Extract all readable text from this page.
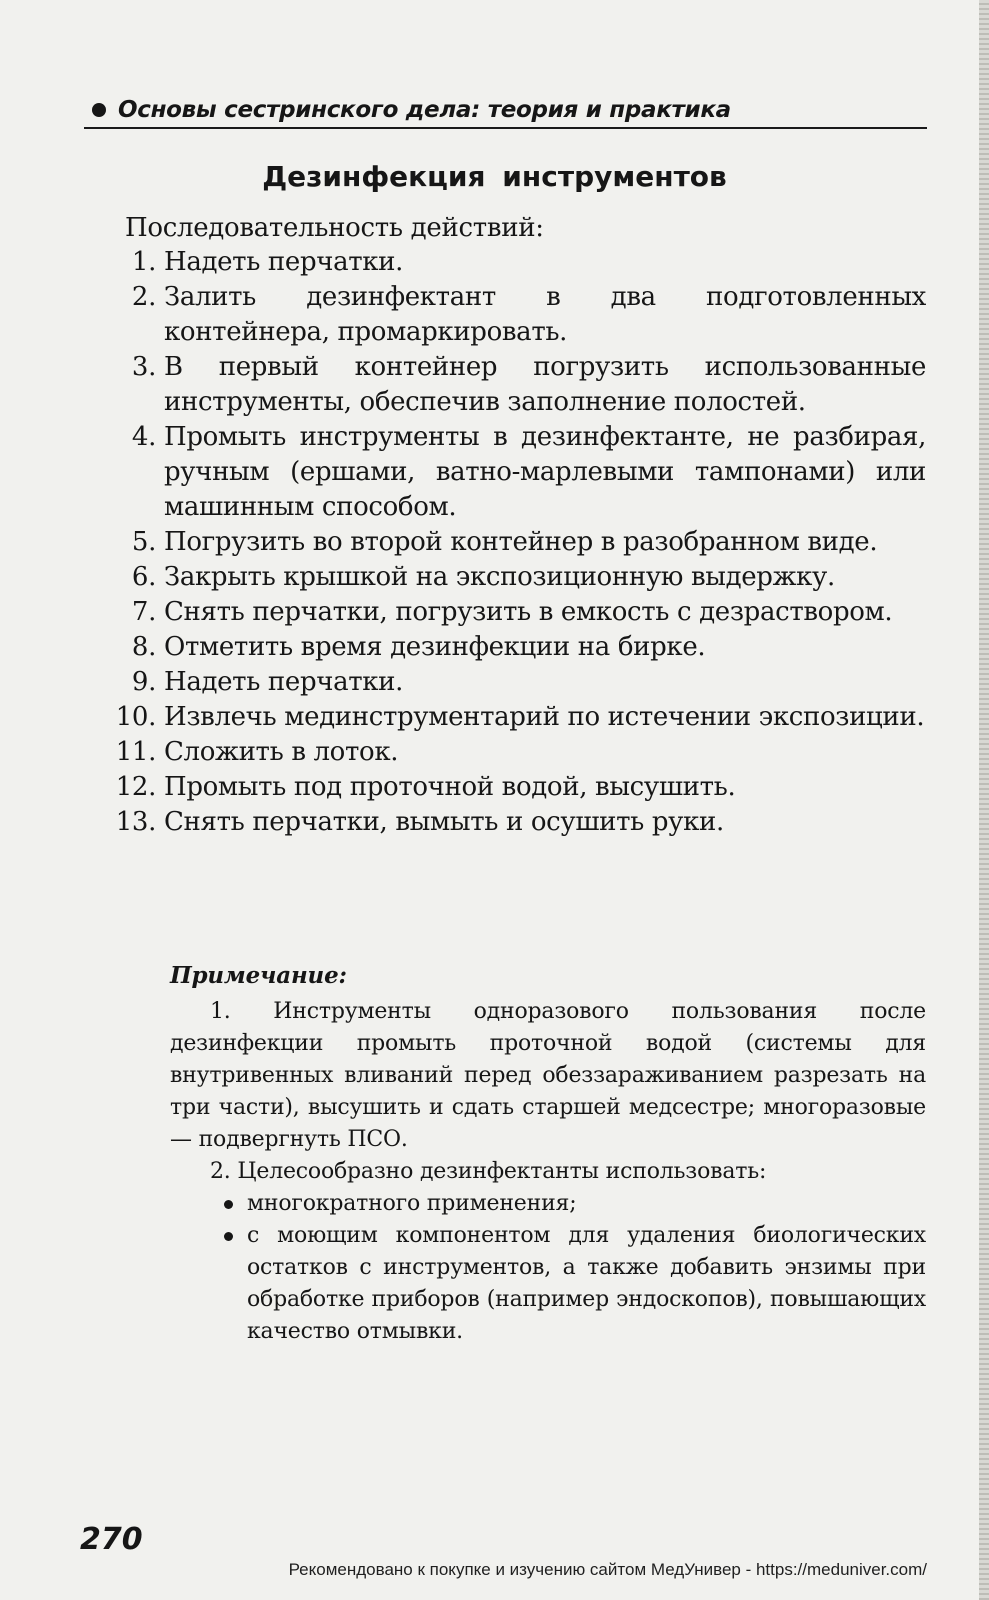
Основы сестринского дела: теория и практика
Дезинфекция инструментов
Последовательность действий:
1. Надеть перчатки.
2. Залить дезинфектант в два подготовленных контейнера, промаркировать.
3. В первый контейнер погрузить использованные инструменты, обеспечив заполнение полостей.
4. Промыть инструменты в дезинфектанте, не разбирая, ручным (ершами, ватно-марлевыми тампонами) или машинным способом.
5. Погрузить во второй контейнер в разобранном виде.
6. Закрыть крышкой на экспозиционную выдержку.
7. Снять перчатки, погрузить в емкость с дезраствором.
8. Отметить время дезинфекции на бирке.
9. Надеть перчатки.
10. Извлечь мединструментарий по истечении экспозиции.
11. Сложить в лоток.
12. Промыть под проточной водой, высушить.
13. Снять перчатки, вымыть и осушить руки.
Примечание:
1. Инструменты одноразового пользования после дезинфекции промыть проточной водой (системы для внутривенных вливаний перед обеззараживанием разрезать на три части), высушить и сдать старшей медсестре; многоразовые — подвергнуть ПСО.
2. Целесообразно дезинфектанты использовать:
многократного применения;
с моющим компонентом для удаления биологических остатков с инструментов, а также добавить энзимы при обработке приборов (например эндоскопов), повышающих качество отмывки.
270
Рекомендовано к покупке и изучению сайтом МедУнивер - https://meduniver.com/
